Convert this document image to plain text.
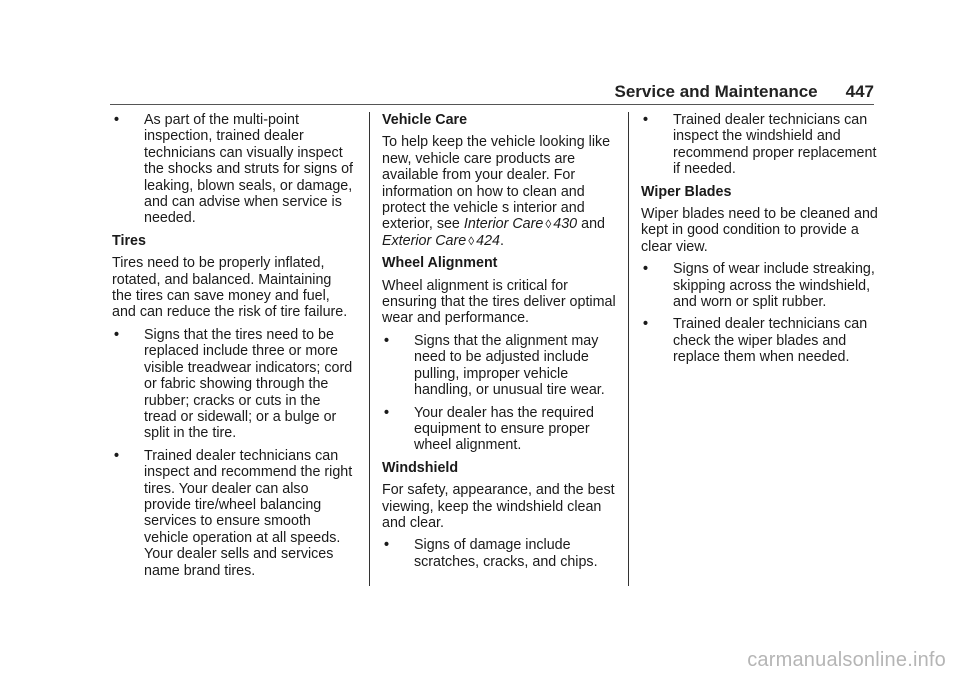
Service and Maintenance 447
• As part of the multi-point inspection, trained dealer technicians can visually inspect the shocks and struts for signs of leaking, blown seals, or damage, and can advise when service is needed.

Tires

Tires need to be properly inflated, rotated, and balanced. Maintaining the tires can save money and fuel, and can reduce the risk of tire failure.

• Signs that the tires need to be replaced include three or more visible treadwear indicators; cord or fabric showing through the rubber; cracks or cuts in the tread or sidewall; or a bulge or split in the tire.
• Trained dealer technicians can inspect and recommend the right tires. Your dealer can also provide tire/wheel balancing services to ensure smooth vehicle operation at all speeds. Your dealer sells and services name brand tires.

Vehicle Care

To help keep the vehicle looking like new, vehicle care products are available from your dealer. For information on how to clean and protect the vehicle s interior and exterior, see Interior Care ◊ 430 and Exterior Care ◊ 424.

Wheel Alignment

Wheel alignment is critical for ensuring that the tires deliver optimal wear and performance.

• Signs that the alignment may need to be adjusted include pulling, improper vehicle handling, or unusual tire wear.
• Your dealer has the required equipment to ensure proper wheel alignment.

Windshield

For safety, appearance, and the best viewing, keep the windshield clean and clear.

• Signs of damage include scratches, cracks, and chips.
• Trained dealer technicians can inspect the windshield and recommend proper replacement if needed.

Wiper Blades

Wiper blades need to be cleaned and kept in good condition to provide a clear view.

• Signs of wear include streaking, skipping across the windshield, and worn or split rubber.
• Trained dealer technicians can check the wiper blades and replace them when needed.
carmanualsonline.info
